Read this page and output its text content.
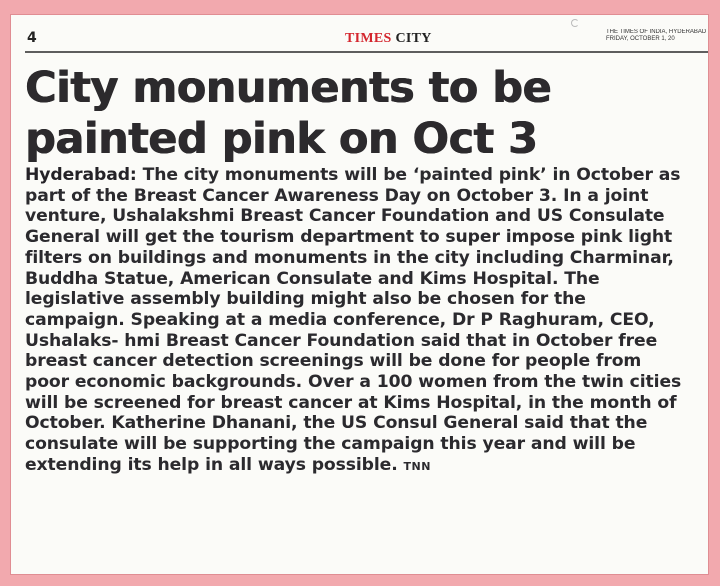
4	TIMES CITY	THE TIMES OF INDIA, HYDERABAD
FRIDAY, OCTOBER 1, 20
City monuments to be
painted pink on Oct 3

Hyderabad: The city monuments will be ‘painted pink’ in October as part of the Breast Cancer Awareness Day on October 3. In a joint venture, Ushalakshmi Breast Cancer Foundation and US Consulate General will get the tourism department to super impose pink light filters on buildings and monuments in the city including Charminar, Buddha Statue, American Consulate and Kims Hospital. The legislative assembly building might also be chosen for the campaign. Speaking at a media conference, Dr P Raghuram, CEO, Ushalaks- hmi Breast Cancer Foundation said that in October free breast cancer detection screenings will be done for people from poor economic backgrounds. Over a 100 women from the twin cities will be screened for breast cancer at Kims Hospital, in the month of October. Katherine Dhanani, the US Consul General said that the consulate will be supporting the campaign this year and will be extending its help in all ways possible. TNN
